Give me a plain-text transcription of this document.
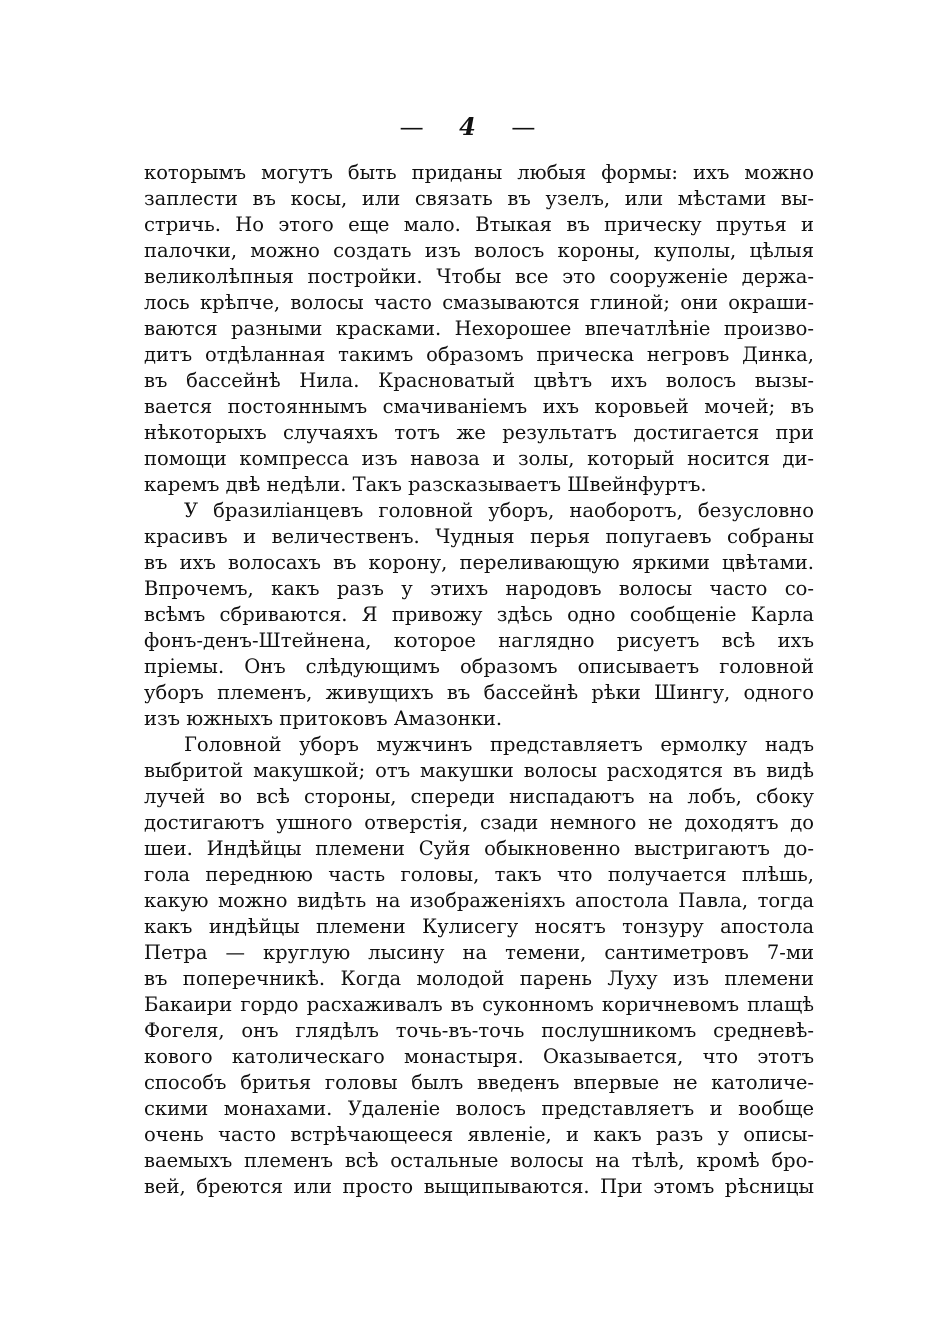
— 4 —
которымъ могутъ быть приданы любыя формы: ихъ можно
заплести въ косы, или связать въ узелъ, или мѣстами вы-
стричь. Но этого еще мало. Втыкая въ прическу прутья и
палочки, можно создать изъ волосъ короны, куполы, цѣлыя
великолѣпныя постройки. Чтобы все это сооруженіе держа-
лось крѣпче, волосы часто смазываются глиной; они окраши-
ваются разными красками. Нехорошее впечатлѣніе произво-
дитъ отдѣланная такимъ образомъ прическа негровъ Динка,
въ бассейнѣ Нила. Красноватый цвѣтъ ихъ волосъ вызы-
вается постояннымъ смачиваніемъ ихъ коровьей мочей; въ
нѣкоторыхъ случаяхъ тотъ же результатъ достигается при
помощи компресса изъ навоза и золы, который носится ди-
каремъ двѣ недѣли. Такъ разсказываетъ Швейнфуртъ.
У бразиліанцевъ головной уборъ, наоборотъ, безусловно
красивъ и величественъ. Чудныя перья попугаевъ собраны
въ ихъ волосахъ въ корону, переливающую яркими цвѣтами.
Впрочемъ, какъ разъ у этихъ народовъ волосы часто со-
всѣмъ сбриваются. Я привожу здѣсь одно сообщеніе Карла
фонъ-денъ-Штейнена, которое наглядно рисуетъ всѣ ихъ
пріемы. Онъ слѣдующимъ образомъ описываетъ головной
уборъ племенъ, живущихъ въ бассейнѣ рѣки Шингу, одного
изъ южныхъ притоковъ Амазонки.
Головной уборъ мужчинъ представляетъ ермолку надъ
выбритой макушкой; отъ макушки волосы расходятся въ видѣ
лучей во всѣ стороны, спереди ниспадаютъ на лобъ, сбоку
достигаютъ ушного отверстія, сзади немного не доходятъ до
шеи. Индѣйцы племени Суйя обыкновенно выстригаютъ до-
гола переднюю часть головы, такъ что получается плѣшь,
какую можно видѣть на изображеніяхъ апостола Павла, тогда
какъ индѣйцы племени Кулисегу носятъ тонзуру апостола
Петра — круглую лысину на темени, сантиметровъ 7-ми
въ поперечникѣ. Когда молодой парень Луху изъ племени
Бакаири гордо расхаживалъ въ суконномъ коричневомъ плащѣ
Фогеля, онъ глядѣлъ точь-въ-точь послушникомъ средневѣ-
кового католическаго монастыря. Оказывается, что этотъ
способъ бритья головы былъ введенъ впервые не католиче-
скими монахами. Удаленіе волосъ представляетъ и вообще
очень часто встрѣчающееся явленіе, и какъ разъ у описы-
ваемыхъ племенъ всѣ остальные волосы на тѣлѣ, кромѣ бро-
вей, бреются или просто выщипываются. При этомъ рѣсницы
